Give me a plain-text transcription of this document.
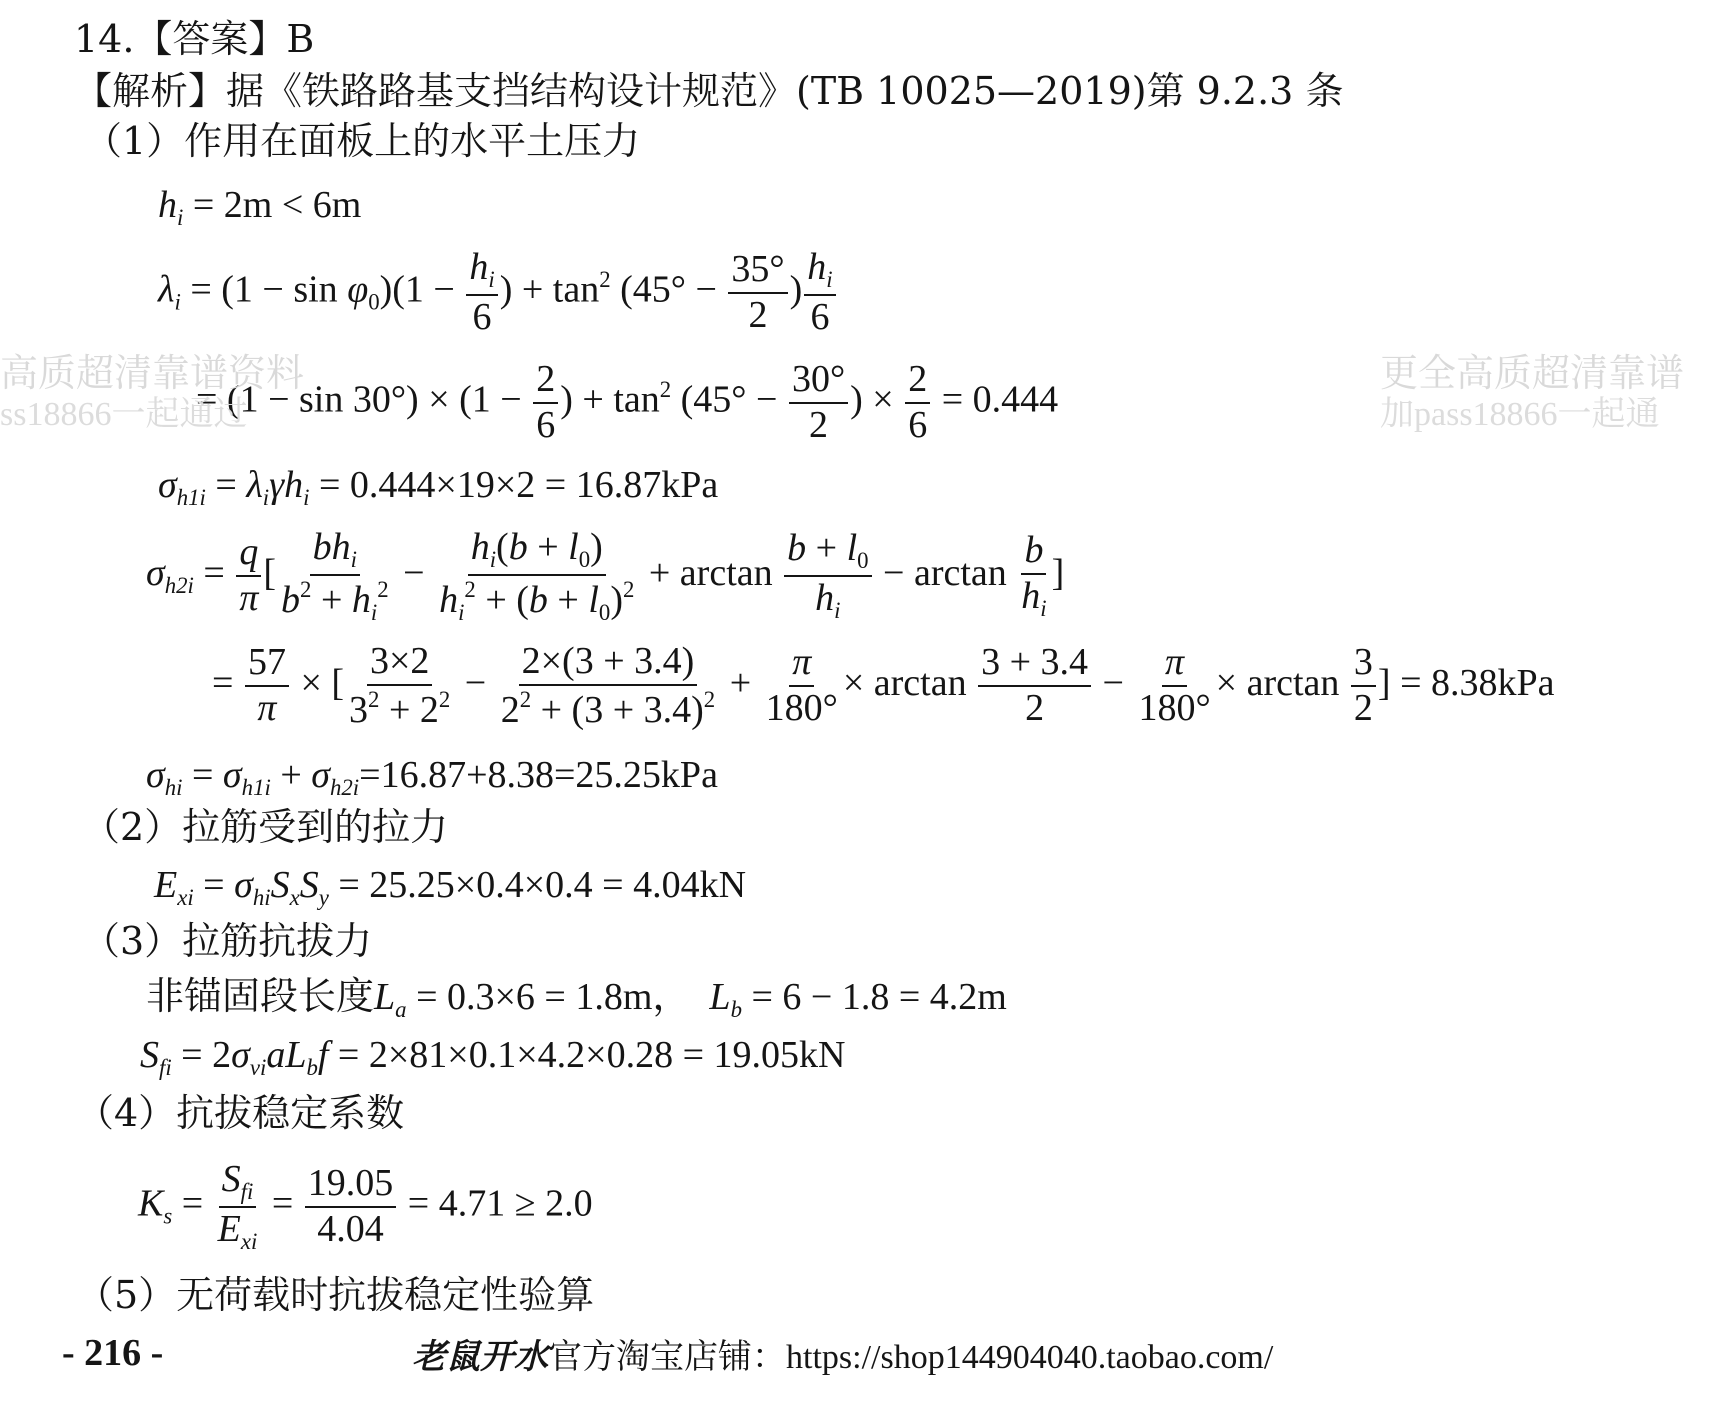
14.【答案】B
【解析】据《铁路路基支挡结构设计规范》(TB 10025—2019)第 9.2.3 条
（1）作用在面板上的水平土压力
$h_i = 2m < 6m$
$\lambda_i = (1 - \sin \varphi_0)(1 - \frac{h_i}{6}$ ) + $\tan^2 (45^\circ - \frac{35^\circ}{2}$ ) $\frac{h_i}{6}$
= $(1 - \sin 30^\circ) \times (1 - \frac{2}{6}$ ) + $\tan^2 (45^\circ - \frac{30^\circ}{2}$ ) × $\frac{2}{6} = 0.444$
$\sigma_{h1i} = \lambda_i\gamma h_i = 0.444\times 19\times 2 = 16.87kPa$
$\sigma_{h2i} = \frac{q}{\pi}$ [ $\frac{bh_i}{b^2 + h_i^2} - \frac{h_i(b + l_0)}{h_i^2 + (b + l_0)^2} + \arctan \frac{b + l_0}{h_i} - \arctan \frac{b}{h_i}$ ]
= $\frac{57}{\pi}$ × [ $\frac{3\times 2}{3^2 + 2^2} - \frac{2\times(3 + 3.4)}{2^2 + (3 + 3.4)^2} + \frac{\pi}{180^\circ} \times \arctan \frac{3 + 3.4}{2} - \frac{\pi}{180^\circ} \times \arctan \frac{3}{2}$ ] = 8.38kPa
$\sigma_{hi} = \sigma_{h1i} + \sigma_{h2i}=16.87+8.38=25.25kPa$
（2）拉筋受到的拉力
$E_{xi} = \sigma_{hi}S_xS_y = 25.25\times 0.4\times 0.4 = 4.04kN$
（3）拉筋抗拔力
非锚固段长度$L_a = 0.3\times 6 = 1.8m$， $L_b = 6 - 1.8 = 4.2m$
$S_{fi} = 2\sigma_{vi}aL_bf = 2\times 81\times 0.1\times 4.2\times 0.28 = 19.05kN$
（4）抗拔稳定系数
$K_s = \frac{S_{fi}}{E_{xi}} = \frac{19.05}{4.04} = 4.71 \ge 2.0$
（5）无荷载时抗拔稳定性验算
高质超清靠谱资料
ss18866一起通过
更全高质超清靠谱
加pass18866一起通
- 216 -	老鼠开水官方淘宝店铺：https://shop144904040.taobao.com/
